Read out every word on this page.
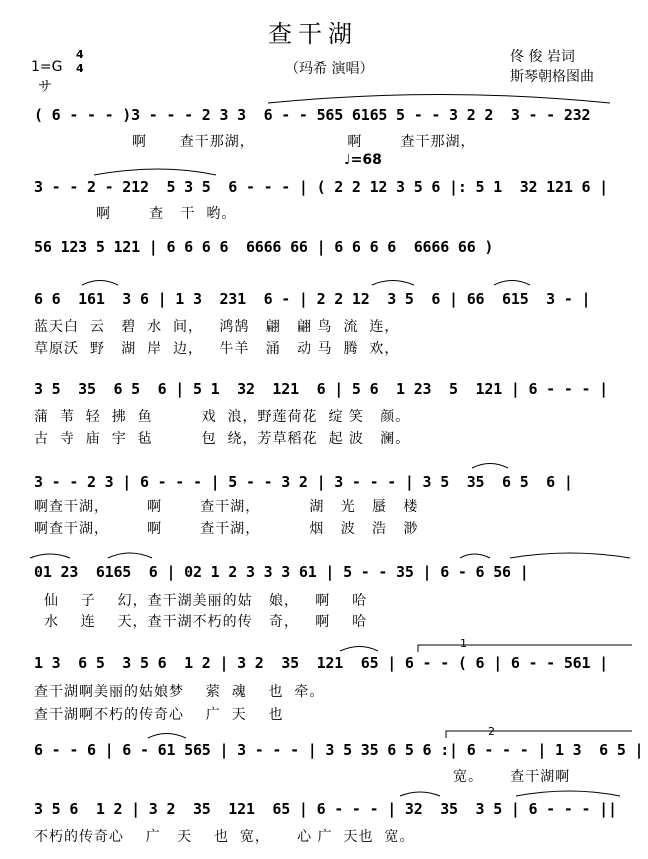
查干湖
（玛希 演唱）
佟 俊 岩词
斯琴朝格图曲
1=G
4
4
サ
♩=68
( 6 - - - )3 - - - 2 3 3  6 - - 565 6165 5 - - 3 2 2  3 - - 232
啊      查干那湖，                 啊       查干那湖，
3 - - 2 - 212  5 3 5  6 - - - | ( 2 2 12 3 5 6 |: 5 1  32 121 6 |
啊       查   干  哟。
56 123 5 121 | 6 6 6 6  6666 66 | 6 6 6 6  6666 66 )
6 6  161  3 6 | 1 3  231  6 - | 2 2 12  3 5  6 | 66  615  3 - |
蓝天白  云   碧  水  间，   鸿鹄   翩   翩 鸟  流  连，
草原沃  野   湖  岸  边，   牛羊   涌   动 马  腾  欢，
3 5  35  6 5  6 | 5 1  32  121  6 | 5 6  1 23  5  121 | 6 - - - |
蒲  苇  轻  拂  鱼         戏  浪，野莲荷花  绽 笑   颜。
古  寺  庙  宇  毡         包  绕，芳草稻花  起 波   澜。
3 - - 2 3 | 6 - - - | 5 - - 3 2 | 3 - - - | 3 5  35  6 5  6 |
啊查干湖，       啊       查干湖，         湖   光   蜃   楼
啊查干湖，       啊       查干湖，         烟   波   浩   渺
01 23  6165  6 | 02 1 2 3 3 3 61 | 5 - - 35 | 6 - 6 56 |
仙    子    幻，查干湖美丽的姑   娘，   啊    哈
水    连    天，查干湖不朽的传   奇，   啊    哈
1
1 3  6 5  3 5 6  1 2 | 3 2  35  121  65 | 6 - - ( 6 | 6 - - 561 |
查干湖啊美丽的姑娘梦    萦  魂    也  牵。
查干湖啊不朽的传奇心    广  天    也
2
6 - - 6 | 6 - 61 565 | 3 - - - | 3 5 35 6 5 6 :| 6 - - - | 1 3  6 5 |
宽。     查干湖啊
3 5 6  1 2 | 3 2  35  121  65 | 6 - - - | 32  35  3 5 | 6 - - - ||
不朽的传奇心    广   天    也  宽，     心 广  天也  宽。
